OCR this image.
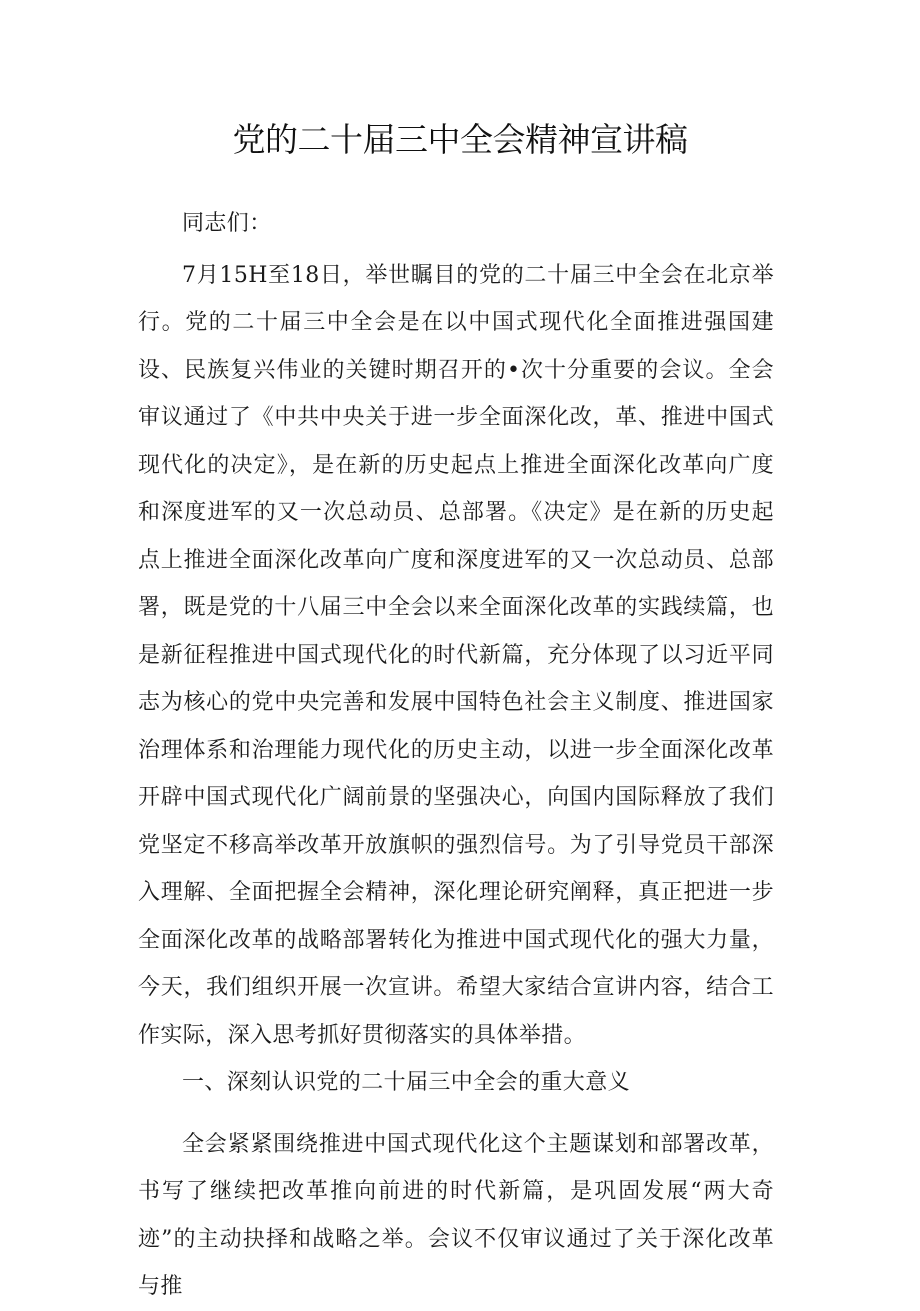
党的二十届三中全会精神宣讲稿

同志们：

7月15H至18日，举世瞩目的党的二十届三中全会在北京举行。党的二十届三中全会是在以中国式现代化全面推进强国建设、民族复兴伟业的关键时期召开的•次十分重要的会议。全会审议通过了《中共中央关于进一步全面深化改，革、推进中国式现代化的决定》，是在新的历史起点上推进全面深化改革向广度和深度进军的又一次总动员、总部署。《决定》是在新的历史起点上推进全面深化改革向广度和深度进军的又一次总动员、总部署，既是党的十八届三中全会以来全面深化改革的实践续篇，也是新征程推进中国式现代化的时代新篇，充分体现了以习近平同志为核心的党中央完善和发展中国特色社会主义制度、推进国家治理体系和治理能力现代化的历史主动，以进一步全面深化改革开辟中国式现代化广阔前景的坚强决心，向国内国际释放了我们党坚定不移高举改革开放旗帜的强烈信号。为了引导党员干部深入理解、全面把握全会精神，深化理论研究阐释，真正把进一步全面深化改革的战略部署转化为推进中国式现代化的强大力量，今天，我们组织开展一次宣讲。希望大家结合宣讲内容，结合工作实际，深入思考抓好贯彻落实的具体举措。

一、深刻认识党的二十届三中全会的重大意义

全会紧紧围绕推进中国式现代化这个主题谋划和部署改革，书写了继续把改革推向前进的时代新篇，是巩固发展“两大奇迹”的主动抉择和战略之举。会议不仅审议通过了关于深化改革与推
